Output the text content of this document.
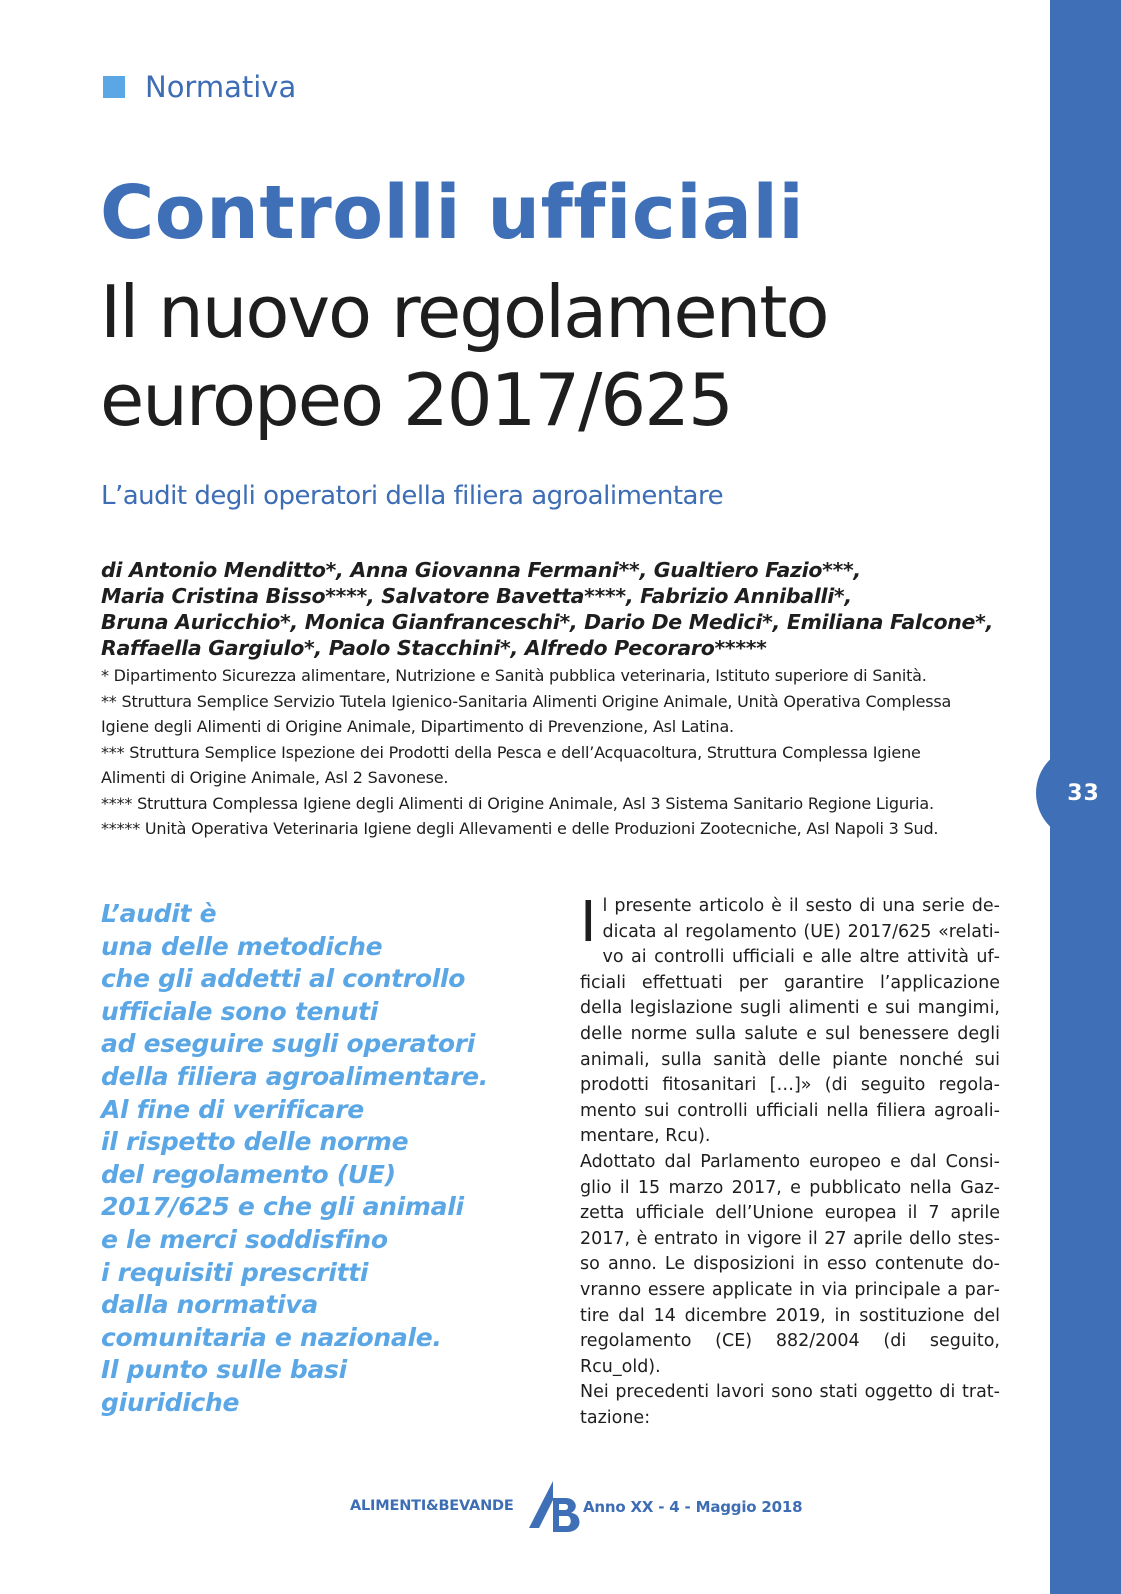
33
Normativa
Controlli ufficiali
Il nuovo regolamento
europeo 2017/625
L’audit degli operatori della filiera agroalimentare
di Antonio Menditto*, Anna Giovanna Fermani**, Gualtiero Fazio***,
Maria Cristina Bisso****, Salvatore Bavetta****, Fabrizio Anniballi*,
Bruna Auricchio*, Monica Gianfranceschi*, Dario De Medici*, Emiliana Falcone*,
Raffaella Gargiulo*, Paolo Stacchini*, Alfredo Pecoraro*****
* Dipartimento Sicurezza alimentare, Nutrizione e Sanità pubblica veterinaria, Istituto superiore di Sanità.
** Struttura Semplice Servizio Tutela Igienico-Sanitaria Alimenti Origine Animale, Unità Operativa Complessa
Igiene degli Alimenti di Origine Animale, Dipartimento di Prevenzione, Asl Latina.
*** Struttura Semplice Ispezione dei Prodotti della Pesca e dell’Acquacoltura, Struttura Complessa Igiene
Alimenti di Origine Animale, Asl 2 Savonese.
**** Struttura Complessa Igiene degli Alimenti di Origine Animale, Asl 3 Sistema Sanitario Regione Liguria.
***** Unità Operativa Veterinaria Igiene degli Allevamenti e delle Produzioni Zootecniche, Asl Napoli 3 Sud.
L’audit è
una delle metodiche
che gli addetti al controllo
ufficiale sono tenuti
ad eseguire sugli operatori
della filiera agroalimentare.
Al fine di verificare
il rispetto delle norme
del regolamento (UE)
2017/625 e che gli animali
e le merci soddisfino
i requisiti prescritti
dalla normativa
comunitaria e nazionale.
Il punto sulle basi
giuridiche

Il presente articolo è il sesto di una serie dedicata al regolamento (UE) 2017/625 «relativo ai controlli ufficiali e alle altre attività ufficiali effettuati per garantire l’applicazione della legislazione sugli alimenti e sui mangimi, delle norme sulla salute e sul benessere degli animali, sulla sanità delle piante nonché sui prodotti fitosanitari […]» (di seguito regolamento sui controlli ufficiali nella filiera agroalimentare, Rcu).

Adottato dal Parlamento europeo e dal Consiglio il 15 marzo 2017, e pubblicato nella Gazzetta ufficiale dell’Unione europea il 7 aprile 2017, è entrato in vigore il 27 aprile dello stesso anno. Le disposizioni in esso contenute dovranno essere applicate in via principale a partire dal 14 dicembre 2019, in sostituzione del regolamento (CE) 882/2004 (di seguito, Rcu_old).

Nei precedenti lavori sono stati oggetto di trattazione:

ALIMENTI&BEVANDE	Anno XX - 4 - Maggio 2018
